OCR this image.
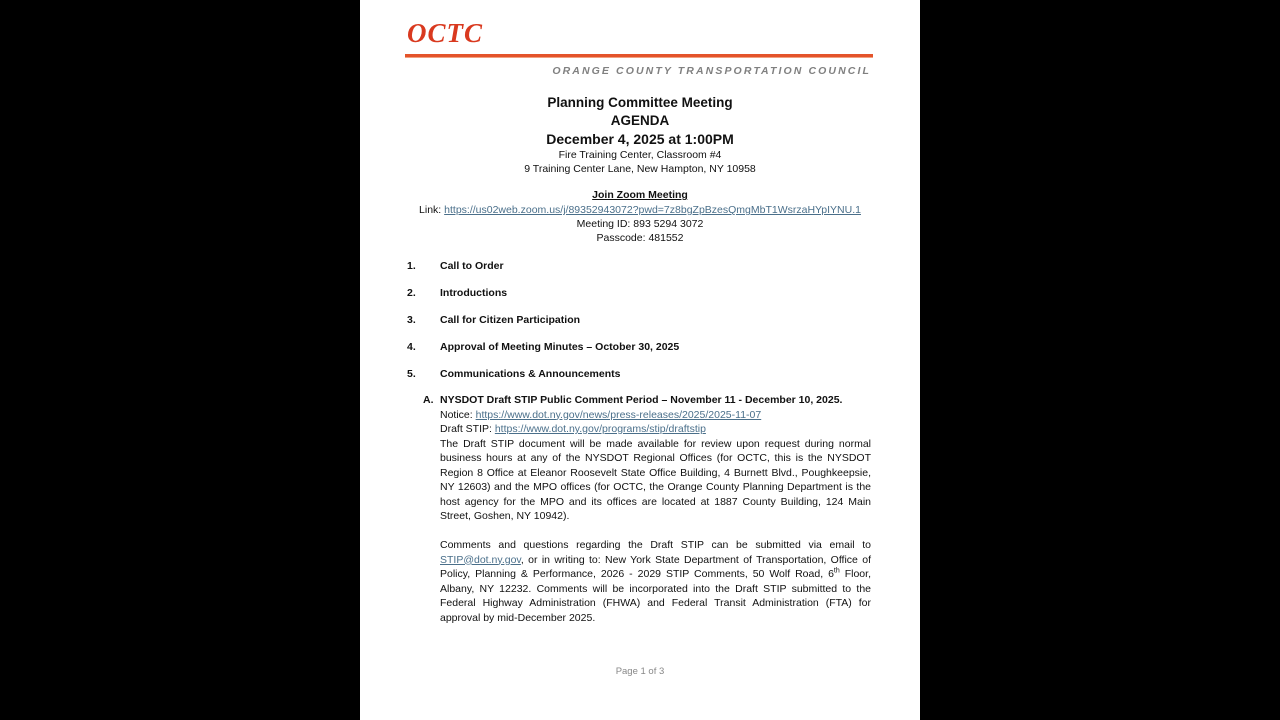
OCTC
ORANGE COUNTY TRANSPORTATION COUNCIL
Planning Committee Meeting
AGENDA
December 4, 2025 at 1:00PM
Fire Training Center, Classroom #4
9 Training Center Lane, New Hampton, NY 10958
Join Zoom Meeting
Link: https://us02web.zoom.us/j/89352943072?pwd=7z8bgZpBzesQmgMbT1WsrzaHYpIYNU.1
Meeting ID: 893 5294 3072
Passcode: 481552
1.	Call to Order
2.	Introductions
3.	Call for Citizen Participation
4.	Approval of Meeting Minutes – October 30, 2025
5.	Communications & Announcements
A. NYSDOT Draft STIP Public Comment Period – November 11 - December 10, 2025.
Notice: https://www.dot.ny.gov/news/press-releases/2025/2025-11-07
Draft STIP: https://www.dot.ny.gov/programs/stip/draftstip
The Draft STIP document will be made available for review upon request during normal business hours at any of the NYSDOT Regional Offices (for OCTC, this is the NYSDOT Region 8 Office at Eleanor Roosevelt State Office Building, 4 Burnett Blvd., Poughkeepsie, NY 12603) and the MPO offices (for OCTC, the Orange County Planning Department is the host agency for the MPO and its offices are located at 1887 County Building, 124 Main Street, Goshen, NY 10942).
Comments and questions regarding the Draft STIP can be submitted via email to STIP@dot.ny.gov, or in writing to: New York State Department of Transportation, Office of Policy, Planning & Performance, 2026 - 2029 STIP Comments, 50 Wolf Road, 6th Floor, Albany, NY 12232. Comments will be incorporated into the Draft STIP submitted to the Federal Highway Administration (FHWA) and Federal Transit Administration (FTA) for approval by mid-December 2025.
Page 1 of 3
